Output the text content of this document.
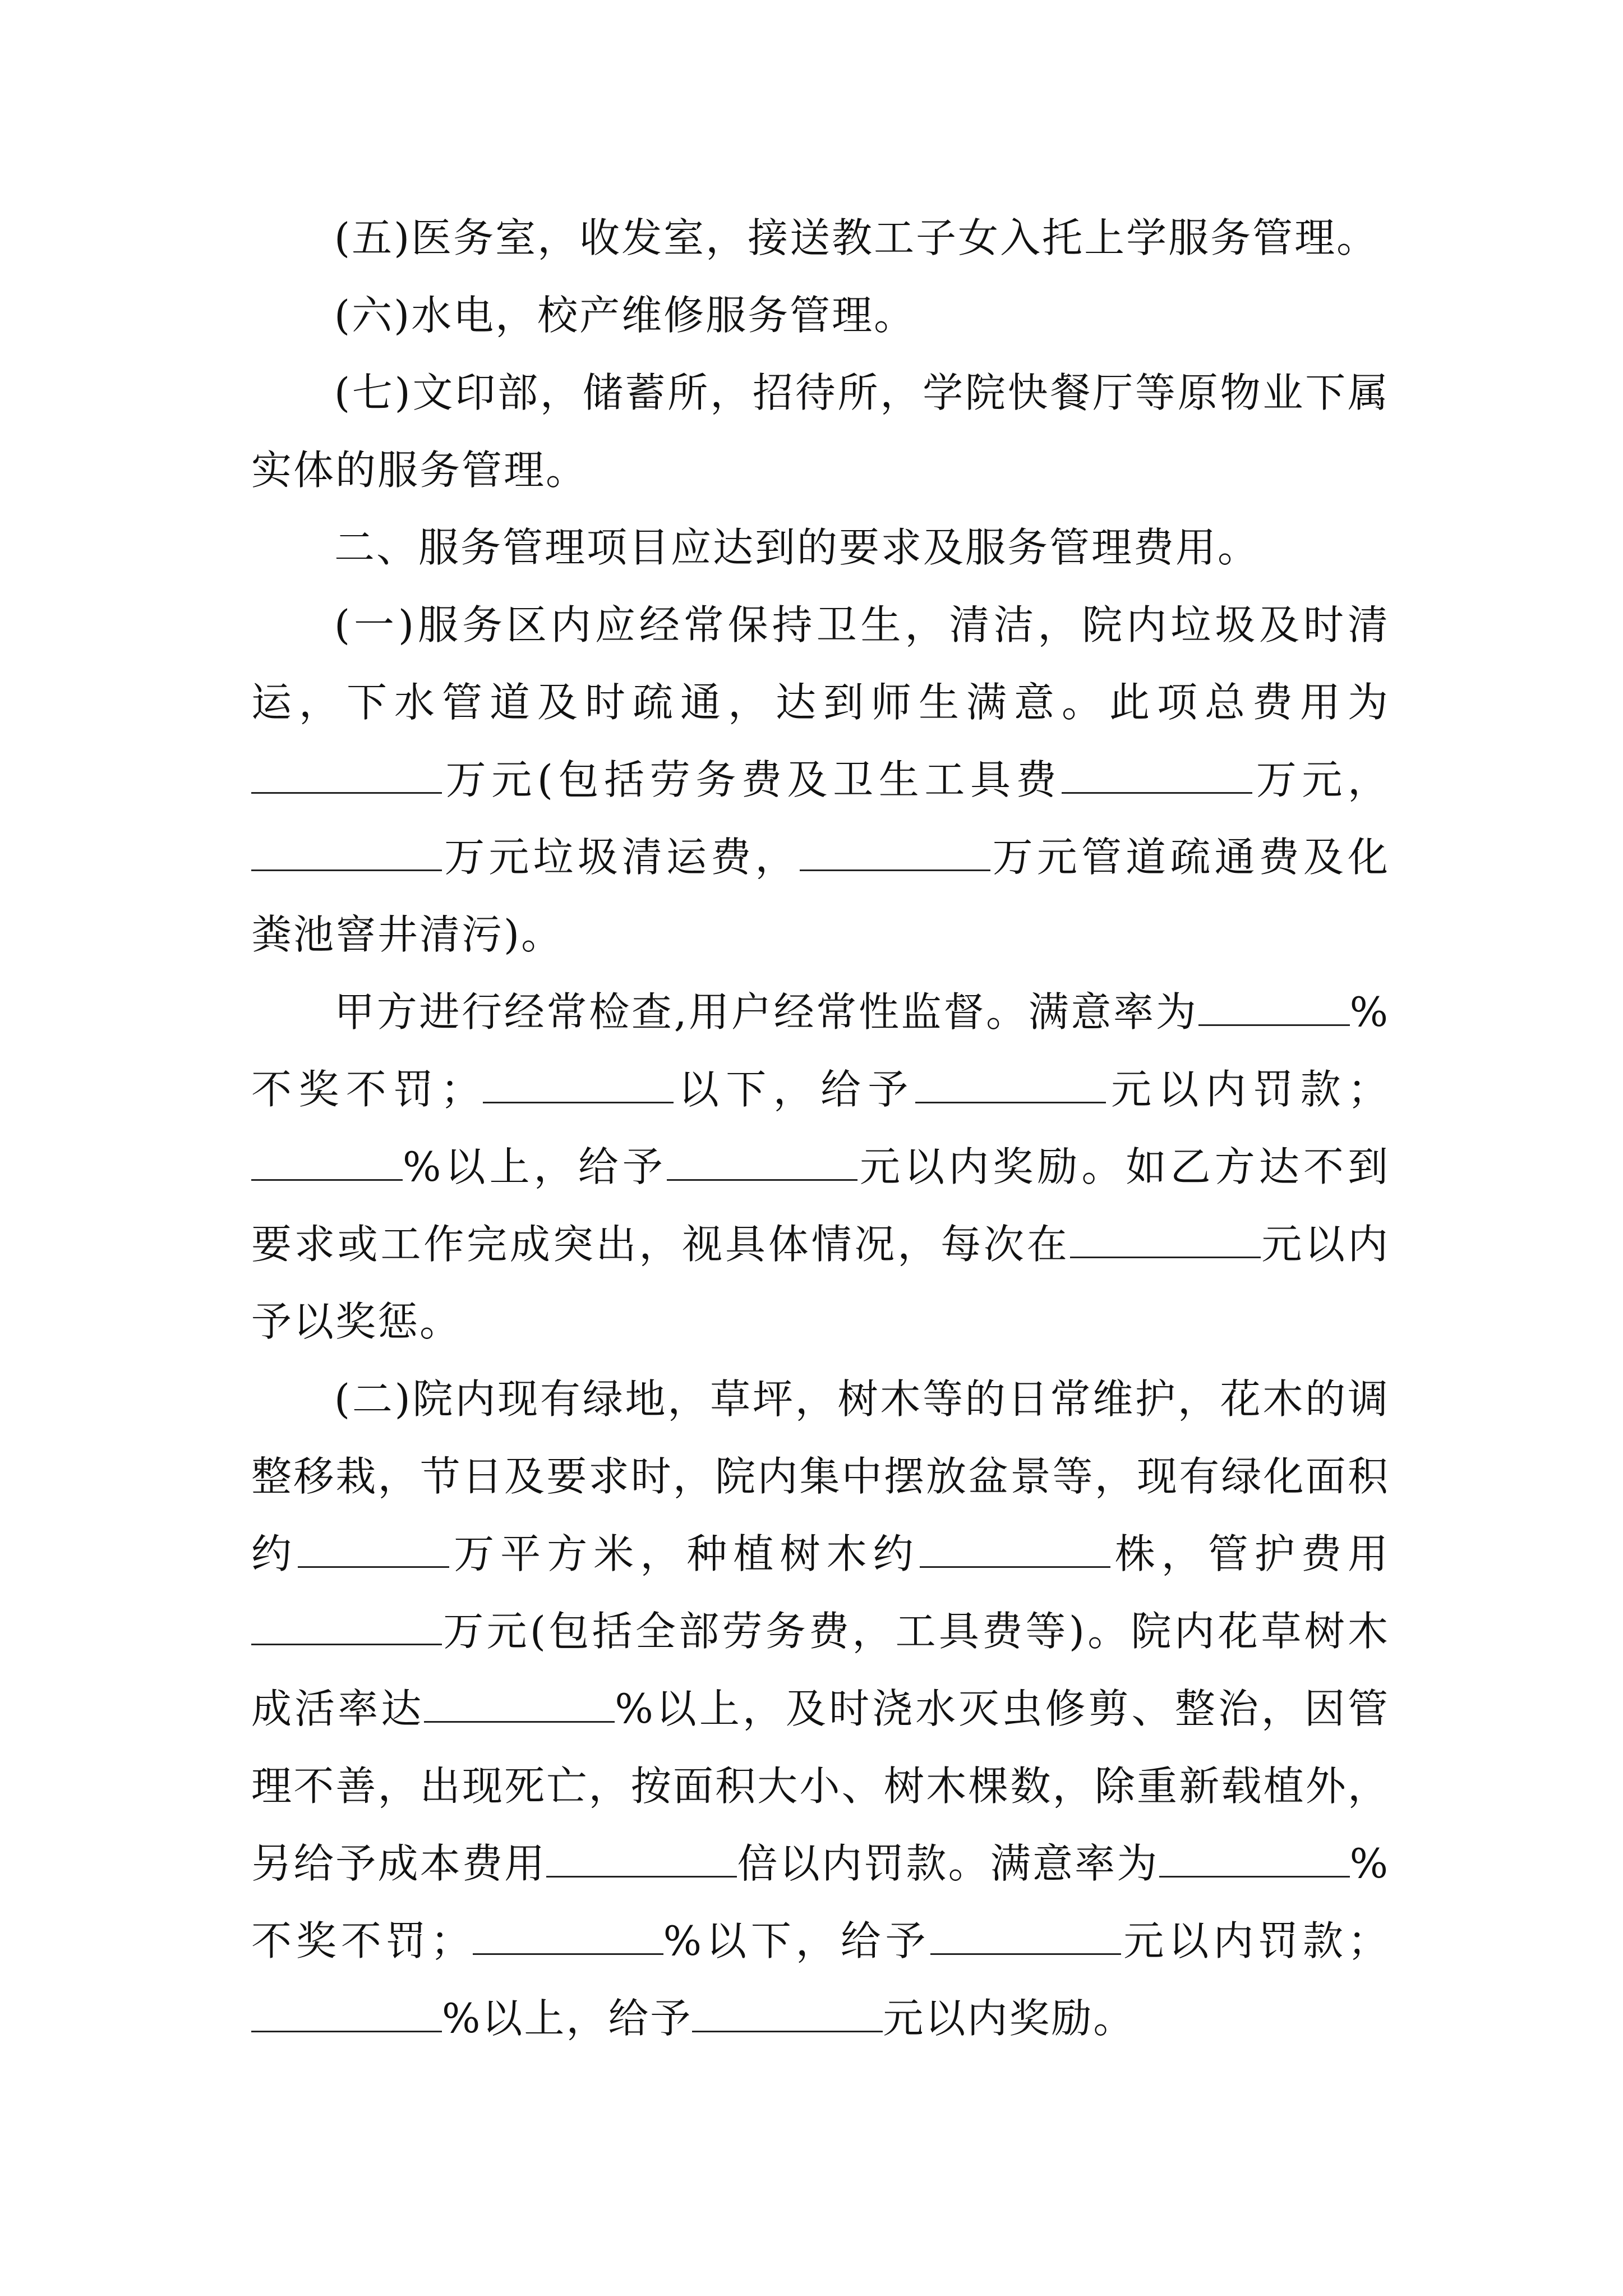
(五)医务室，收发室，接送教工子女入托上学服务管理。

(六)水电，校产维修服务管理。

(七)文印部，储蓄所，招待所，学院快餐厅等原物业下属实体的服务管理。

二、服务管理项目应达到的要求及服务管理费用。

(一)服务区内应经常保持卫生，清洁，院内垃圾及时清运，下水管道及时疏通，达到师生满意。此项总费用为万元(包括劳务费及卫生工具费	万元，万元垃圾清运费，	万元管道疏通费及化粪池窨井清污)。

甲方进行经常检查,用户经常性监督。满意率为	%不奖不罚；	以下，给予	元以内罚款；%以上，给予	元以内奖励。如乙方达不到要求或工作完成突出，视具体情况，每次在	元以内予以奖惩。

(二)院内现有绿地，草坪，树木等的日常维护，花木的调整移栽，节日及要求时，院内集中摆放盆景等，现有绿化面积约	万平方米，种植树木约	株，管护费用万元(包括全部劳务费，工具费等)。院内花草树木成活率达	%以上，及时浇水灭虫修剪、整治，因管理不善，出现死亡，按面积大小、树木棵数，除重新载植外，另给予成本费用	倍以内罚款。满意率为	%不奖不罚；	%以下，给予	元以内罚款；%以上，给予	元以内奖励。
